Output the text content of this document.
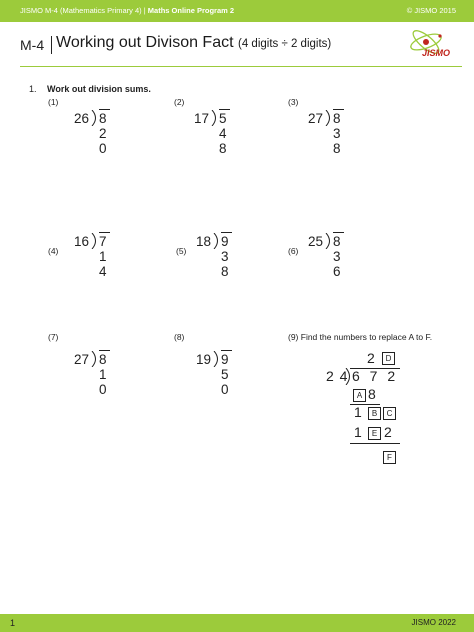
JISMO M-4 (Mathematics Primary 4) | Maths Online Program 2	© JISMO 2015
M-4 Working out Divison Fact (4 digits ÷ 2 digits)
JISMO
1. Work out division sums.
(1)
26 8 2 0
(2)
17 5 4 8
(3)
27 8 3 8
(4)
16 7 1 4
(5)
18 9 3 8
(6)
25 8 3 6
(7)
27 8 1 0
(8)
19 9 5 0
(9) Find the numbers to replace A to F.
2	D
2 4 6 7 2
A 8
1	B	C
1	E 2
F
1	JISMO 2022
